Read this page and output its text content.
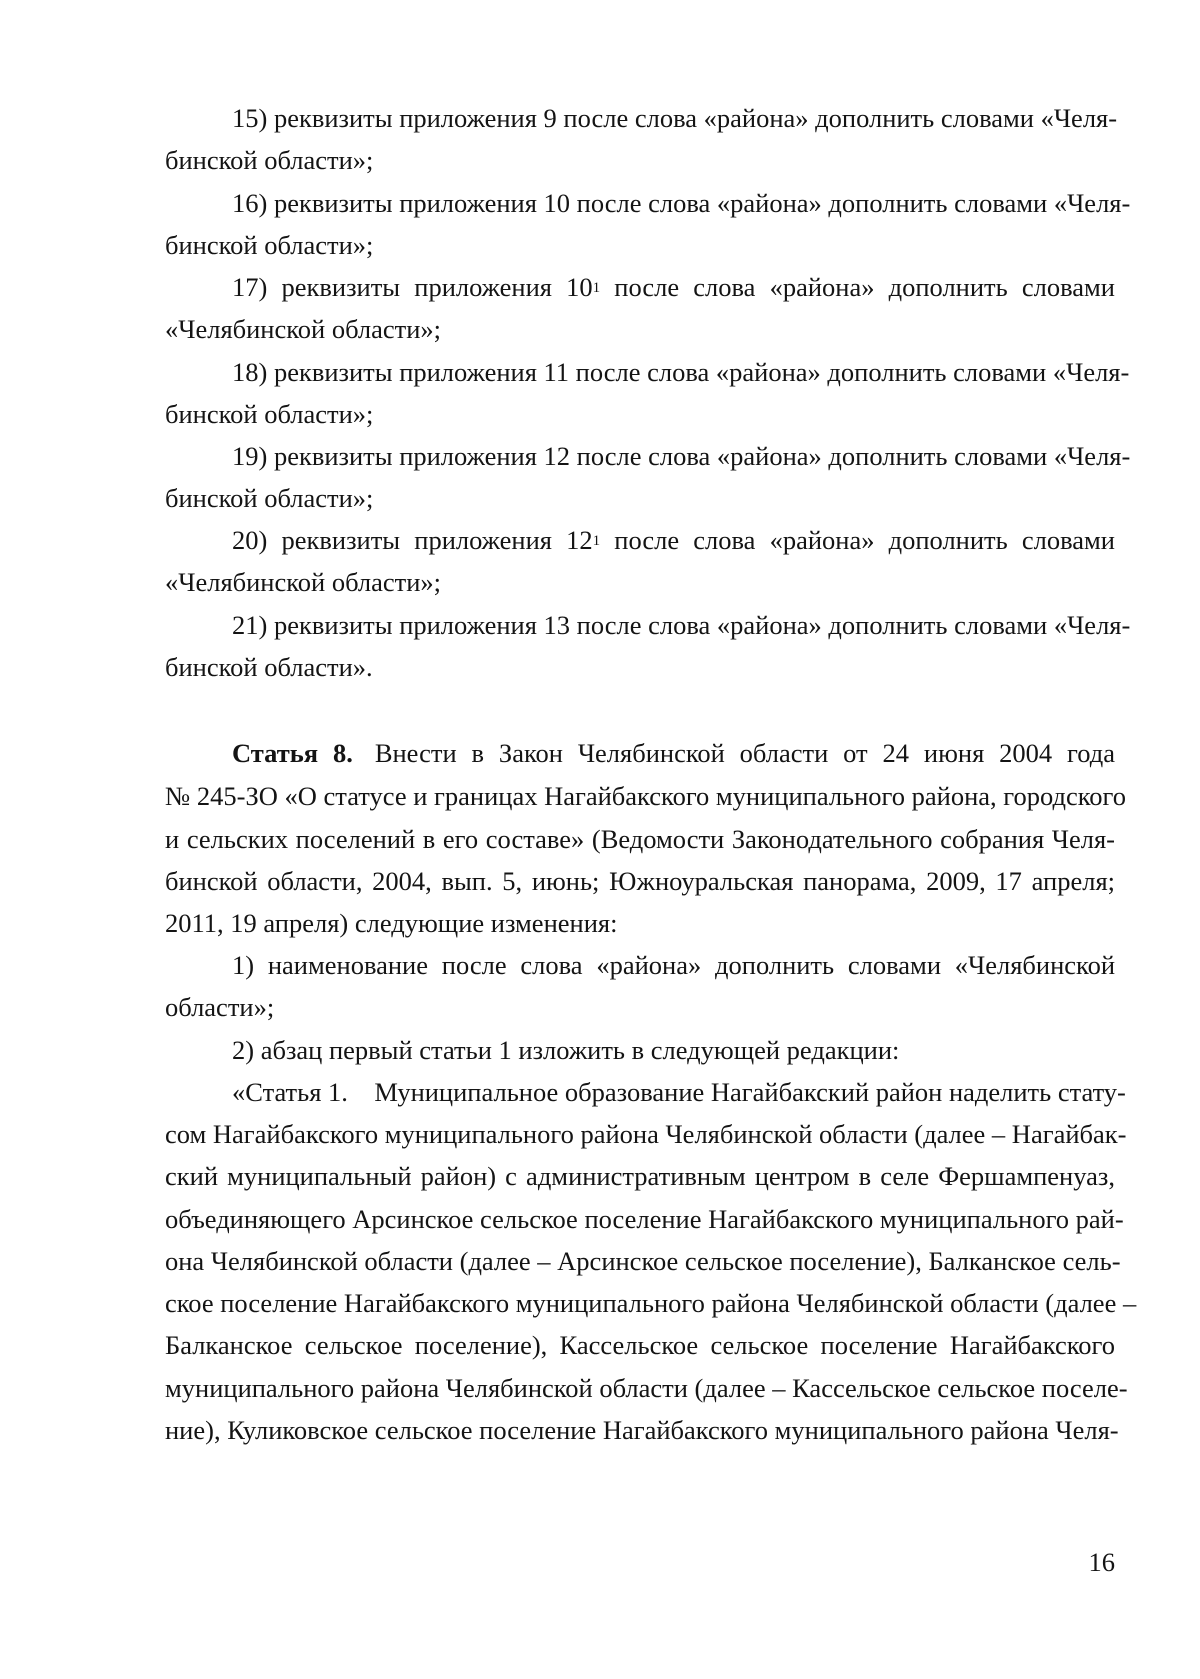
15) реквизиты приложения 9 после слова «района» дополнить словами «Челя-
бинской области»;
16) реквизиты приложения 10 после слова «района» дополнить словами «Челя-
бинской области»;
17) реквизиты приложения $10^1$ после слова «района» дополнить словами
«Челябинской области»;
18) реквизиты приложения 11 после слова «района» дополнить словами «Челя-
бинской области»;
19) реквизиты приложения 12 после слова «района» дополнить словами «Челя-
бинской области»;
20) реквизиты приложения $12^1$ после слова «района» дополнить словами
«Челябинской области»;
21) реквизиты приложения 13 после слова «района» дополнить словами «Челя-
бинской области».
Статья 8. Внести в Закон Челябинской области от 24 июня 2004 года
№ 245-ЗО «О статусе и границах Нагайбакского муниципального района, городского
и сельских поселений в его составе» (Ведомости Законодательного собрания Челя-
бинской области, 2004, вып. 5, июнь; Южноуральская панорама, 2009, 17 апреля;
2011, 19 апреля) следующие изменения:
1) наименование после слова «района» дополнить словами «Челябинской
области»;
2) абзац первый статьи 1 изложить в следующей редакции:
«Статья 1.    Муниципальное образование Нагайбакский район наделить стату-
сом Нагайбакского муниципального района Челябинской области (далее – Нагайбак-
ский муниципальный район) с административным центром в селе Фершампенуаз,
объединяющего Арсинское сельское поселение Нагайбакского муниципального рай-
она Челябинской области (далее – Арсинское сельское поселение), Балканское сель-
ское поселение Нагайбакского муниципального района Челябинской области (далее –
Балканское сельское поселение), Кассельское сельское поселение Нагайбакского
муниципального района Челябинской области (далее – Кассельское сельское поселе-
ние), Куликовское сельское поселение Нагайбакского муниципального района Челя-
16
